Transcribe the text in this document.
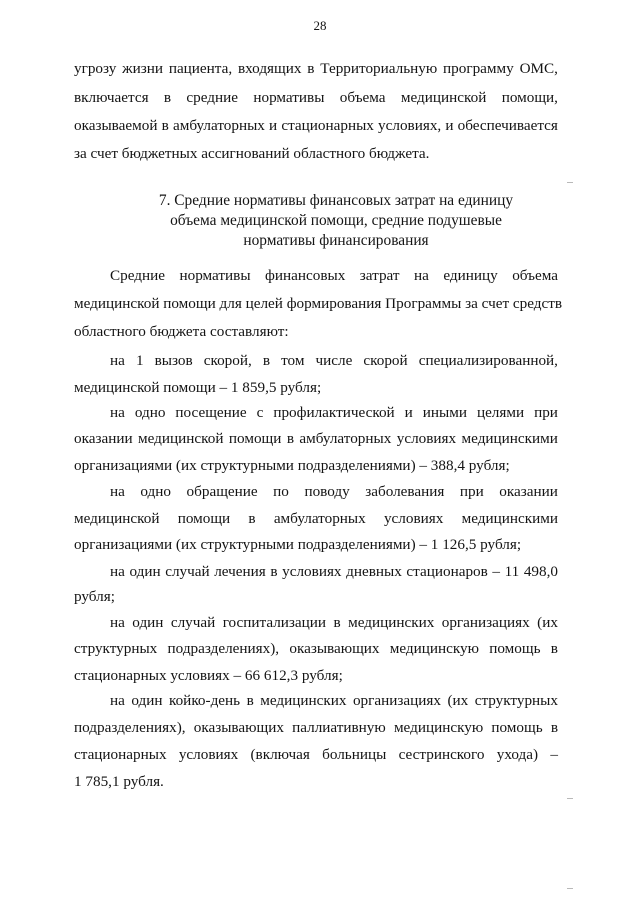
28
угрозу жизни пациента, входящих в Территориальную программу ОМС,
включается в средние нормативы объема медицинской помощи,
оказываемой в амбулаторных и стационарных условиях, и обеспечивается
за счет бюджетных ассигнований областного бюджета.
7. Средние нормативы финансовых затрат на единицу
объема медицинской помощи, средние подушевые
нормативы финансирования
Средние нормативы финансовых затрат на единицу объема
медицинской помощи для целей формирования Программы за счет средств
областного бюджета составляют:
на 1 вызов скорой, в том числе скорой специализированной,
медицинской помощи – 1 859,5 рубля;
на одно посещение с профилактической и иными целями при
оказании медицинской помощи в амбулаторных условиях медицинскими
организациями (их структурными подразделениями) – 388,4 рубля;
на одно обращение по поводу заболевания при оказании
медицинской помощи в амбулаторных условиях медицинскими
организациями (их структурными подразделениями) – 1 126,5 рубля;
на один случай лечения в условиях дневных стационаров – 11 498,0
рубля;
на один случай госпитализации в медицинских организациях (их
структурных подразделениях), оказывающих медицинскую помощь в
стационарных условиях – 66 612,3 рубля;
на один койко-день в медицинских организациях (их структурных
подразделениях), оказывающих паллиативную медицинскую помощь в
стационарных условиях (включая больницы сестринского ухода) –
1 785,1 рубля.
